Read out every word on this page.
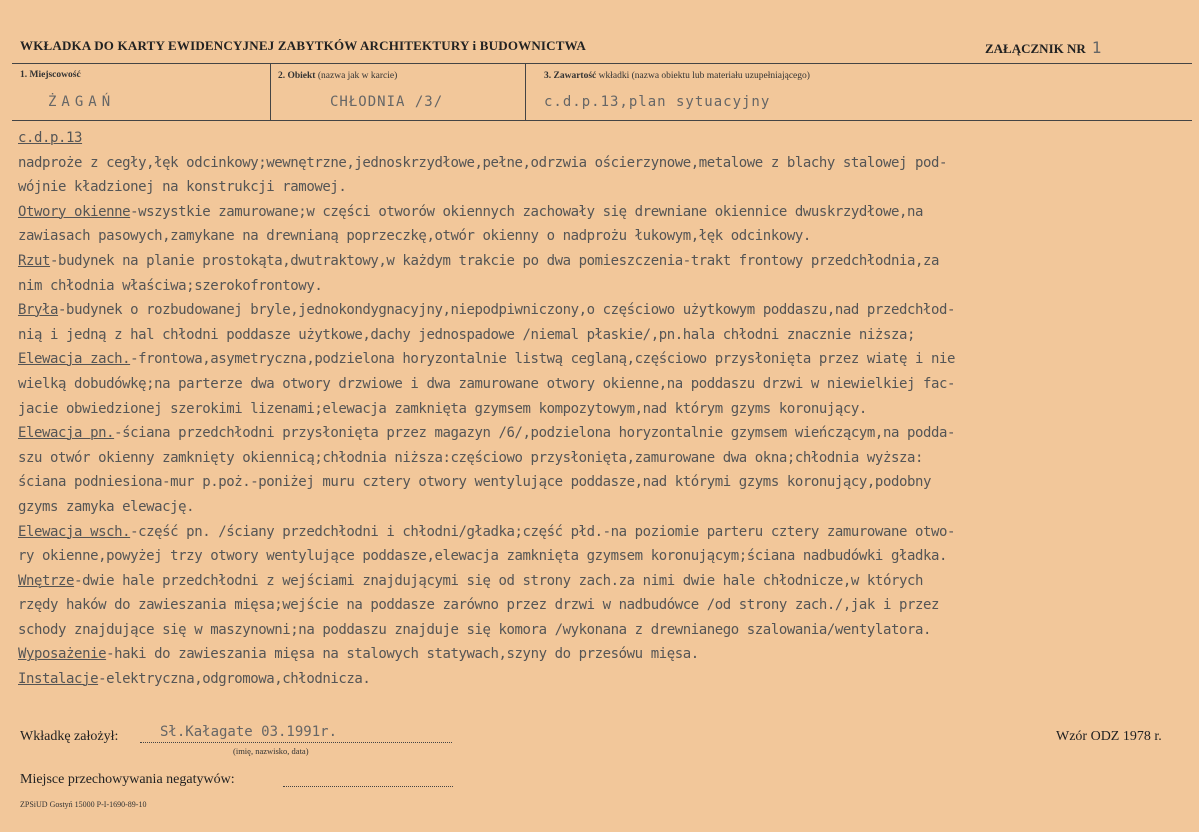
WKŁADKA DO KARTY EWIDENCYJNEJ ZABYTKÓW ARCHITEKTURY i BUDOWNICTWA	ZAŁĄCZNIK NR 1
1. Miejscowość
ŻAGAŃ
2. Obiekt (nazwa jak w karcie)
CHŁODNIA /3/
3. Zawartość wkładki (nazwa obiektu lub materiału uzupełniającego)
c.d.p.13,plan sytuacyjny
c.d.p.13
nadproże z cegły,łęk odcinkowy;wewnętrzne,jednoskrzydłowe,pełne,odrzwia ościerzynowe,metalowe z blachy stalowej pod-
wójnie kładzionej na konstrukcji ramowej.
Otwory okienne-wszystkie zamurowane;w części otworów okiennych zachowały się drewniane okiennice dwuskrzydłowe,na
zawiasach pasowych,zamykane na drewnianą poprzeczkę,otwór okienny o nadprożu łukowym,łęk odcinkowy.
Rzut-budynek na planie prostokąta,dwutraktowy,w każdym trakcie po dwa pomieszczenia-trakt frontowy przedchłodnia,za
nim chłodnia właściwa;szerokofrontowy.
Bryła-budynek o rozbudowanej bryle,jednokondygnacyjny,niepodpiwniczony,o częściowo użytkowym poddaszu,nad przedchłod-
nią i jedną z hal chłodni poddasze użytkowe,dachy jednospadowe /niemal płaskie/,pn.hala chłodni znacznie niższa;
Elewacja zach.-frontowa,asymetryczna,podzielona horyzontalnie listwą ceglaną,częściowo przysłonięta przez wiatę i nie
wielką dobudówkę;na parterze dwa otwory drzwiowe i dwa zamurowane otwory okienne,na poddaszu drzwi w niewielkiej fac-
jacie obwiedzionej szerokimi lizenami;elewacja zamknięta gzymsem kompozytowym,nad którym gzyms koronujący.
Elewacja pn.-ściana przedchłodni przysłonięta przez magazyn /6/,podzielona horyzontalnie gzymsem wieńczącym,na podda-
szu otwór okienny zamknięty okiennicą;chłodnia niższa:częściowo przysłonięta,zamurowane dwa okna;chłodnia wyższa:
ściana podniesiona-mur p.poż.-poniżej muru cztery otwory wentylujące poddasze,nad którymi gzyms koronujący,podobny
gzyms zamyka elewację.
Elewacja wsch.-część pn. /ściany przedchłodni i chłodni/gładka;część płd.-na poziomie parteru cztery zamurowane otwo-
ry okienne,powyżej trzy otwory wentylujące poddasze,elewacja zamknięta gzymsem koronującym;ściana nadbudówki gładka.
Wnętrze-dwie hale przedchłodni z wejściami znajdującymi się od strony zach.za nimi dwie hale chłodnicze,w których
rzędy haków do zawieszania mięsa;wejście na poddasze zarówno przez drzwi w nadbudówce /od strony zach./,jak i przez
schody znajdujące się w maszynowni;na poddaszu znajduje się komora /wykonana z drewnianego szalowania/wentylatora.
Wyposażenie-haki do zawieszania mięsa na stalowych statywach,szyny do przesówu mięsa.
Instalacje-elektryczna,odgromowa,chłodnicza.
Wkładkę założył:	Sł.Kałagate 03.1991r.
(imię, nazwisko, data)
Wzór ODZ 1978 r.
Miejsce przechowywania negatywów:
ZPSiUD Gostyń 15000 P-I-1690-89-10
